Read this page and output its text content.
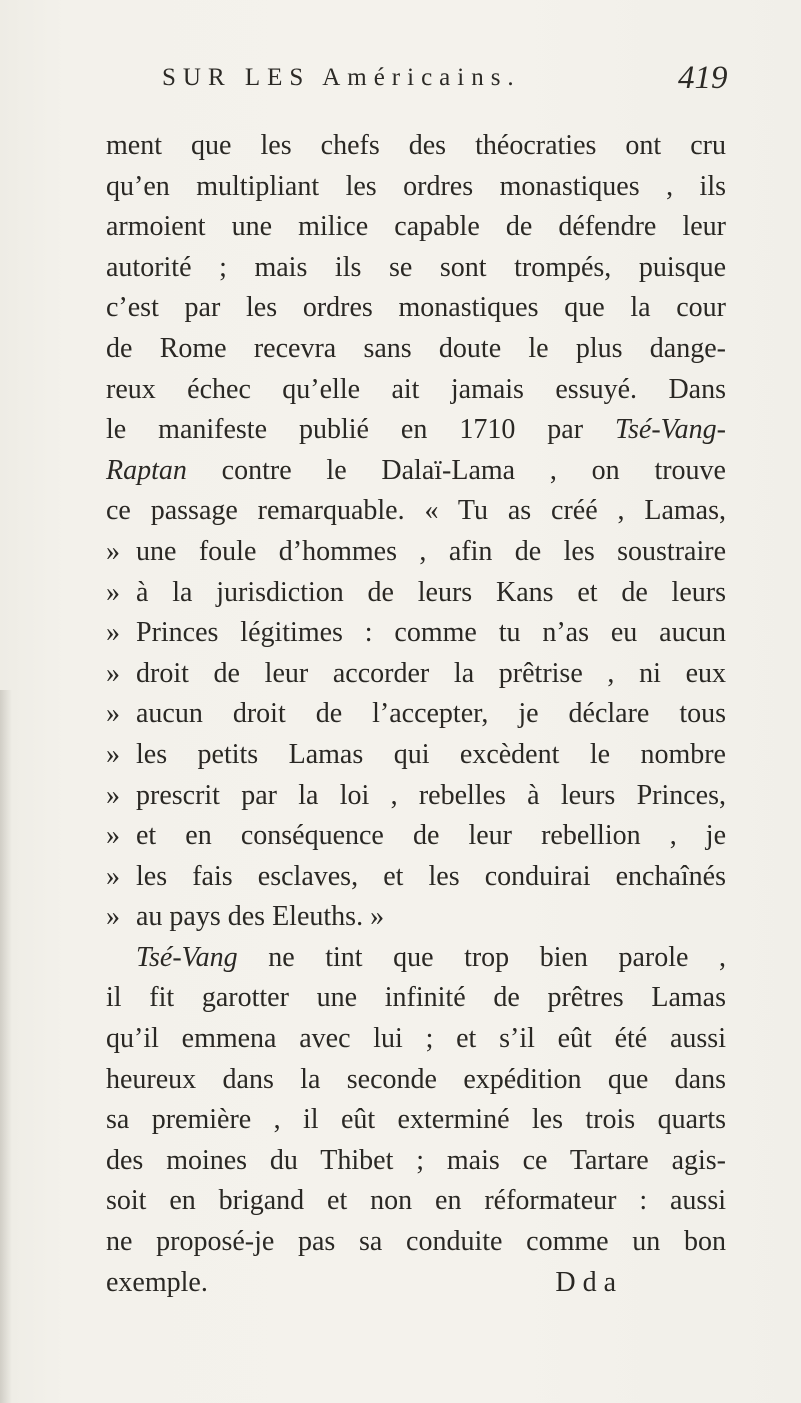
SUR LES Américains.	419
ment que les chefs des théocraties ont cru
qu’en multipliant les ordres monastiques , ils
armoient une milice capable de défendre leur
autorité ; mais ils se sont trompés, puisque
c’est par les ordres monastiques que la cour
de Rome recevra sans doute le plus dange-
reux échec qu’elle ait jamais essuyé. Dans
le manifeste publié en 1710 par Tsé-Vang-
Raptan contre le Dalaï-Lama , on trouve
ce passage remarquable. « Tu as créé , Lamas,
» une foule d’hommes , afin de les soustraire
» à la jurisdiction de leurs Kans et de leurs
» Princes légitimes : comme tu n’as eu aucun
» droit de leur accorder la prêtrise , ni eux
» aucun droit de l’accepter, je déclare tous
» les petits Lamas qui excèdent le nombre
» prescrit par la loi , rebelles à leurs Princes,
» et en conséquence de leur rebellion , je
» les fais esclaves, et les conduirai enchaînés
» au pays des Eleuths. »
Tsé-Vang ne tint que trop bien parole ,
il fit garotter une infinité de prêtres Lamas
qu’il emmena avec lui ; et s’il eût été aussi
heureux dans la seconde expédition que dans
sa première , il eût exterminé les trois quarts
des moines du Thibet ; mais ce Tartare agis-
soit en brigand et non en réformateur : aussi
ne proposé-je pas sa conduite comme un bon
exemple.	D d a
